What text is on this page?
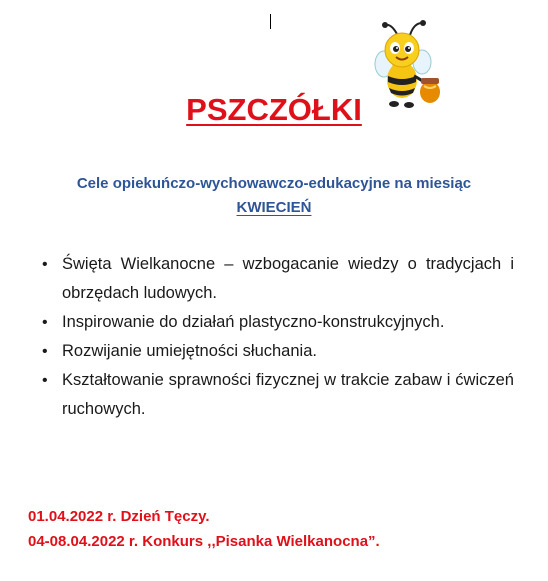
PSZCZÓŁKI

Cele opiekuńczo-wychowawczo-edukacyjne na miesiąc

KWIECIEŃ

• Święta Wielkanocne – wzbogacanie wiedzy o tradycjach i obrzędach ludowych.
• Inspirowanie do działań plastyczno-konstrukcyjnych.
• Rozwijanie umiejętności słuchania.
• Kształtowanie sprawności fizycznej w trakcie zabaw i ćwiczeń ruchowych.
01.04.2022 r. Dzień Tęczy.
04-08.04.2022 r. Konkurs ,,Pisanka Wielkanocna”.
